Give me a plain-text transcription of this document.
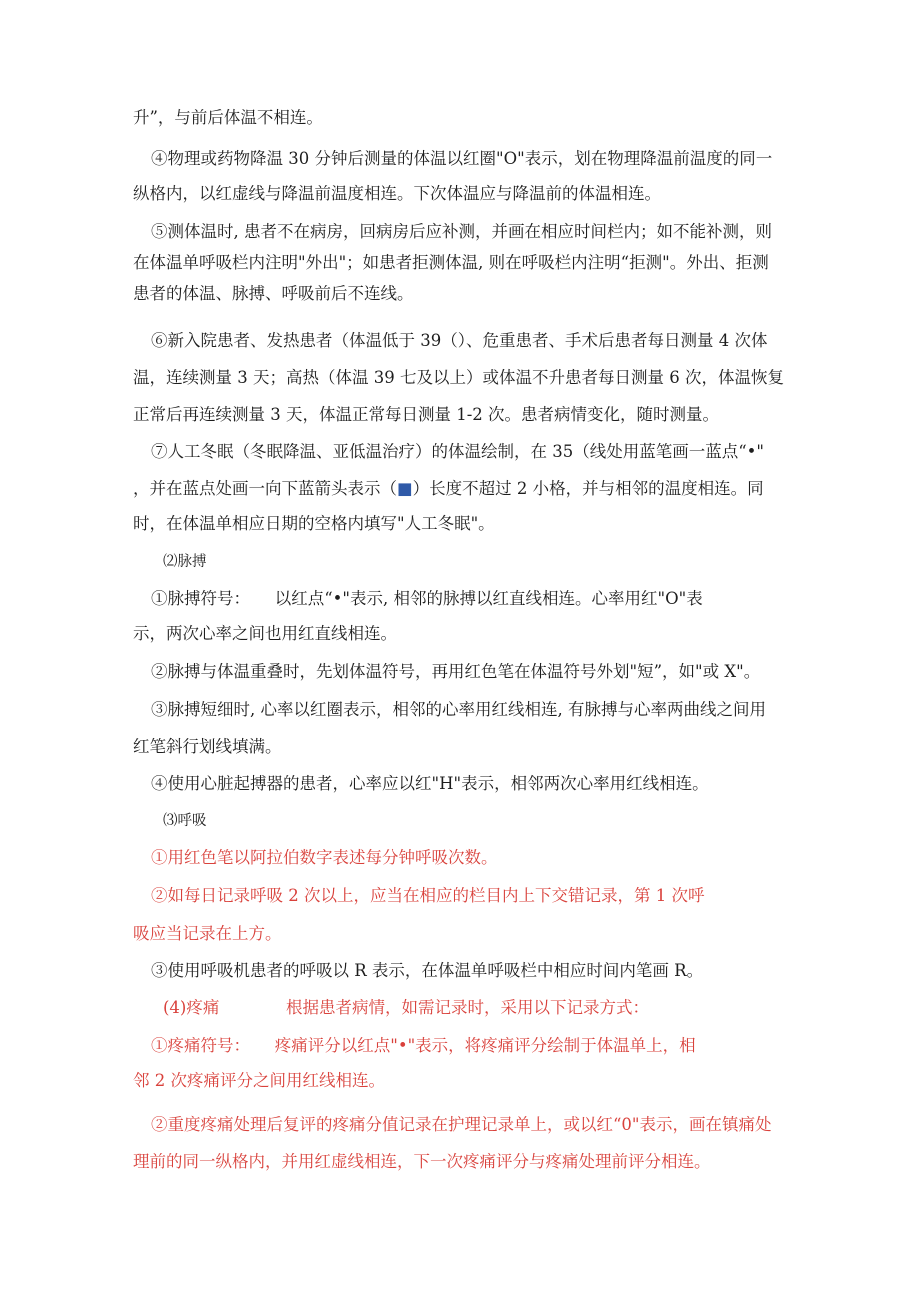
升”，与前后体温不相连。
④物理或药物降温 30 分钟后测量的体温以红圈"O"表示，划在物理降温前温度的同一
纵格内，以红虚线与降温前温度相连。下次体温应与降温前的体温相连。
⑤测体温时, 患者不在病房，回病房后应补测，并画在相应时间栏内；如不能补测，则
在体温单呼吸栏内注明"外出"；如患者拒测体温, 则在呼吸栏内注明“拒测"。外出、拒测
患者的体温、脉搏、呼吸前后不连线。
⑥新入院患者、发热患者（体温低于 39（）、危重患者、手术后患者每日测量 4 次体
温，连续测量 3 天；高热（体温 39 七及以上）或体温不升患者每日测量 6 次，体温恢复
正常后再连续测量 3 天，体温正常每日测量 1-2 次。患者病情变化，随时测量。
⑦人工冬眠（冬眠降温、亚低温治疗）的体温绘制，在 35（线处用蓝笔画一蓝点“•"
，并在蓝点处画一向下蓝箭头表示（■）长度不超过 2 小格，并与相邻的温度相连。同
时，在体温单相应日期的空格内填写"人工冬眠"。
⑵脉搏
①脉搏符号：　　以红点“•"表示, 相邻的脉搏以红直线相连。心率用红"O"表
示，两次心率之间也用红直线相连。
②脉搏与体温重叠时，先划体温符号，再用红色笔在体温符号外划"短”，如"或 X"。
③脉搏短细时, 心率以红圈表示，相邻的心率用红线相连, 有脉搏与心率两曲线之间用
红笔斜行划线填满。
④使用心脏起搏器的患者，心率应以红"H"表示，相邻两次心率用红线相连。
⑶呼吸
①用红色笔以阿拉伯数字表述每分钟呼吸次数。
②如每日记录呼吸 2 次以上，应当在相应的栏目内上下交错记录，第 1 次呼
吸应当记录在上方。
③使用呼吸机患者的呼吸以 R 表示，在体温单呼吸栏中相应时间内笔画 R。
(4)疼痛	根据患者病情，如需记录时，采用以下记录方式：
①疼痛符号：　　疼痛评分以红点"•"表示，将疼痛评分绘制于体温单上，相
邻 2 次疼痛评分之间用红线相连。
②重度疼痛处理后复评的疼痛分值记录在护理记录单上，或以红“0"表示，画在镇痛处
理前的同一纵格内，并用红虚线相连，下一次疼痛评分与疼痛处理前评分相连。
